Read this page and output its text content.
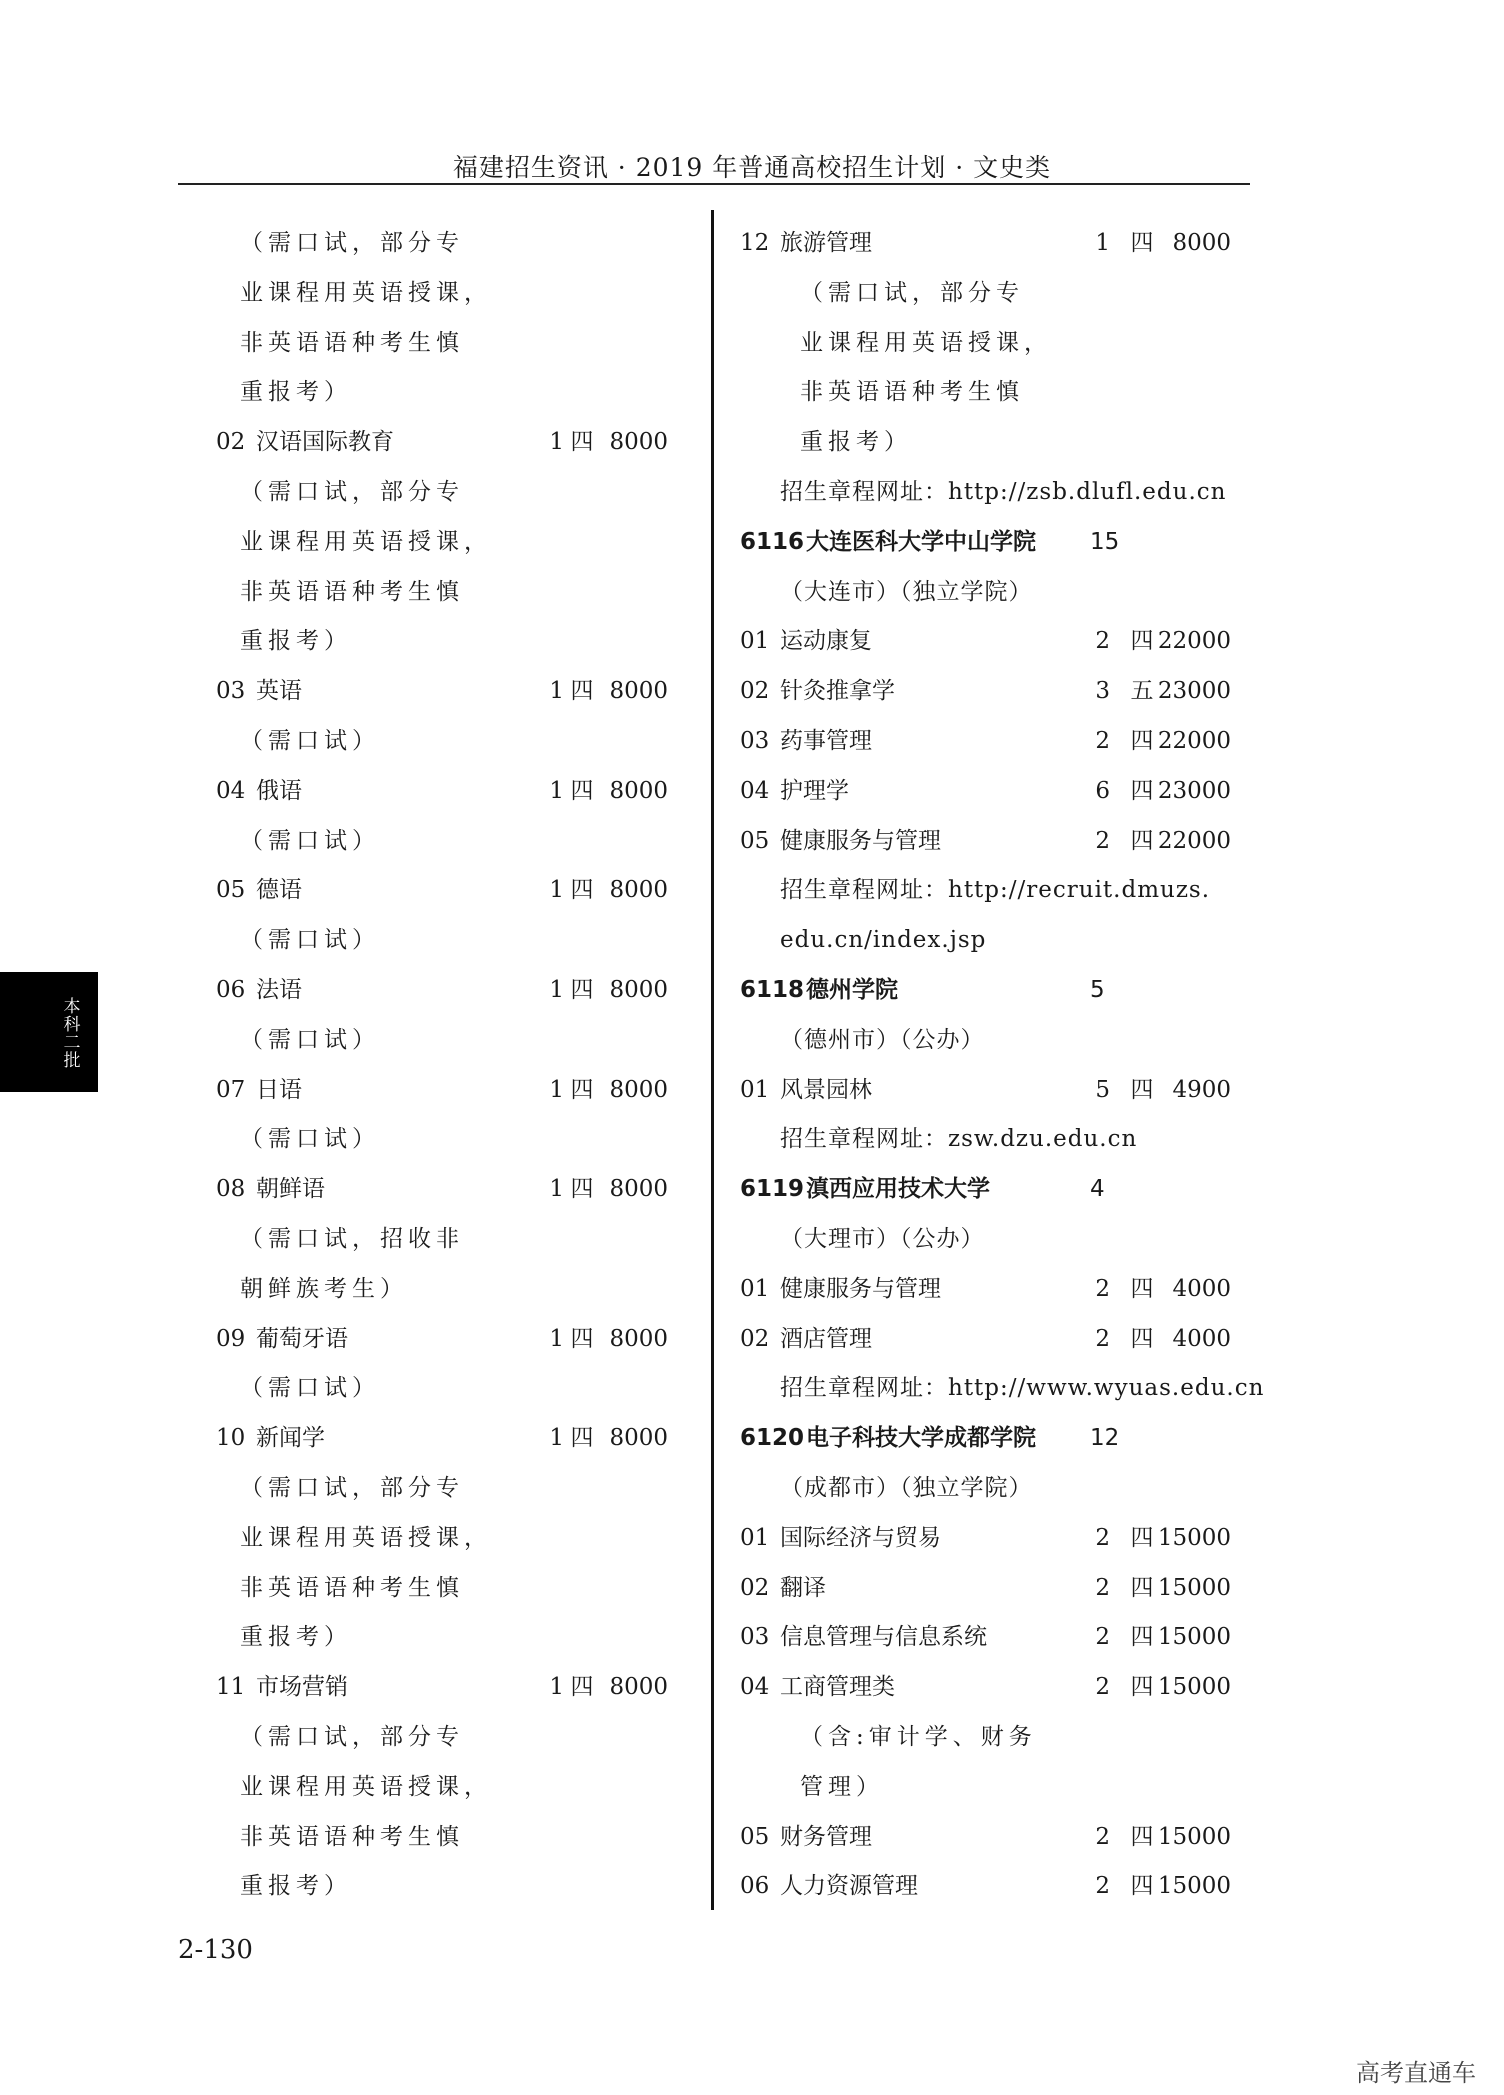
福建招生资讯 · 2019 年普通高校招生计划 · 文史类
本科二批
（需口试，部分专
业课程用英语授课，
非英语语种考生慎
重报考）
02 汉语国际教育	1 四 8000
（需口试，部分专
业课程用英语授课，
非英语语种考生慎
重报考）
03 英语	1 四 8000
（需口试）
04 俄语	1 四 8000
（需口试）
05 德语	1 四 8000
（需口试）
06 法语	1 四 8000
（需口试）
07 日语	1 四 8000
（需口试）
08 朝鲜语	1 四 8000
（需口试，招收非
朝鲜族考生）
09 葡萄牙语	1 四 8000
（需口试）
10 新闻学	1 四 8000
（需口试，部分专
业课程用英语授课，
非英语语种考生慎
重报考）
11 市场营销	1 四 8000
（需口试，部分专
业课程用英语授课，
非英语语种考生慎
重报考）
12 旅游管理	1 四 8000
（需口试，部分专
业课程用英语授课，
非英语语种考生慎
重报考）
招生章程网址：http://zsb.dlufl.edu.cn
6116 大连医科大学中山学院 15
（大连市）（独立学院）
01 运动康复	2 四 22000
02 针灸推拿学	3 五 23000
03 药事管理	2 四 22000
04 护理学	6 四 23000
05 健康服务与管理	2 四 22000
招生章程网址：http://recruit.dmuzs.
edu.cn/index.jsp
6118 德州学院	5
（德州市）（公办）
01 风景园林	5 四 4900
招生章程网址：zsw.dzu.edu.cn
6119 滇西应用技术大学	4
（大理市）（公办）
01 健康服务与管理	2 四 4000
02 酒店管理	2 四 4000
招生章程网址：http://www.wyuas.edu.cn
6120 电子科技大学成都学院 12
（成都市）（独立学院）
01 国际经济与贸易	2 四 15000
02 翻译	2 四 15000
03 信息管理与信息系统	2 四 15000
04 工商管理类	2 四 15000
（含:审计学、财务
管理）
05 财务管理	2 四 15000
06 人力资源管理	2 四 15000
2-130
高考直通车
